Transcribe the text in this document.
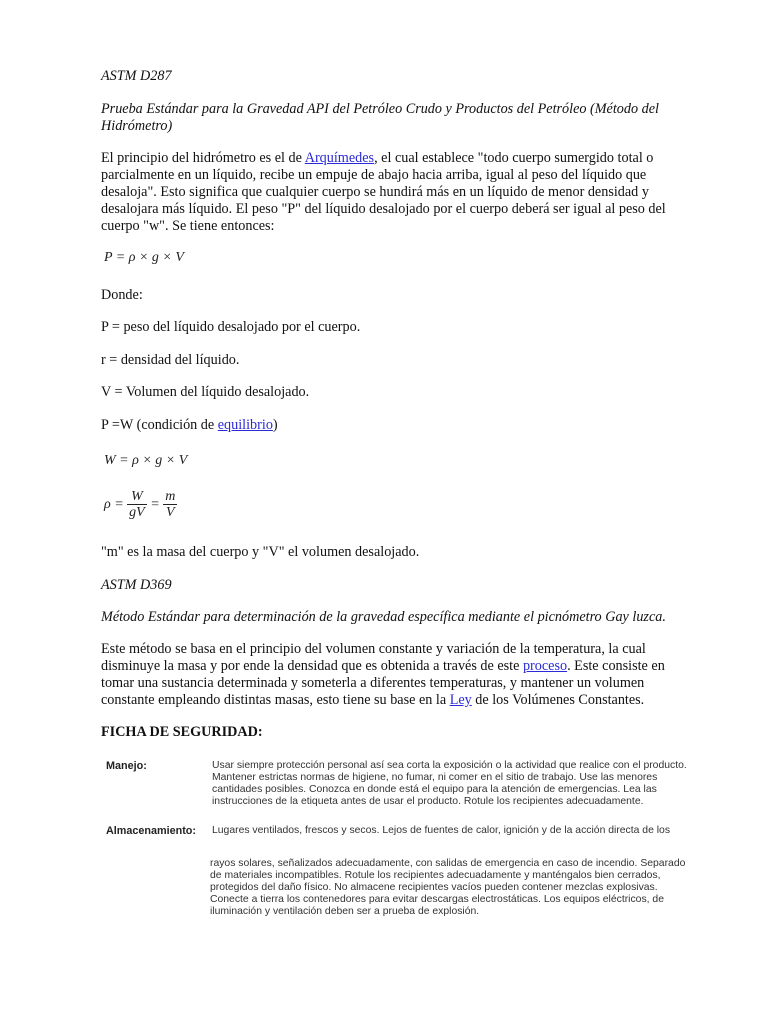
ASTM D287
Prueba Estándar para la Gravedad API del Petróleo Crudo y Productos del Petróleo (Método del Hidrómetro)
El principio del hidrómetro es el de Arquímedes, el cual establece "todo cuerpo sumergido total o parcialmente en un líquido, recibe un empuje de abajo hacia arriba, igual al peso del líquido que desaloja". Esto significa que cualquier cuerpo se hundirá más en un líquido de menor densidad y desalojara más líquido. El peso "P" del líquido desalojado por el cuerpo deberá ser igual al peso del cuerpo "w". Se tiene entonces:
P = ρ × g × V
Donde:
P = peso del líquido desalojado por el cuerpo.
r = densidad del líquido.
V = Volumen del líquido desalojado.
P =W (condición de equilibrio)
W = ρ × g × V
$\rho = \frac{W}{gV} = \frac{m}{V}$
"m" es la masa del cuerpo y "V" el volumen desalojado.
ASTM D369
Método Estándar para determinación de la gravedad específica mediante el picnómetro Gay luzca.
Este método se basa en el principio del volumen constante y variación de la temperatura, la cual disminuye la masa y por ende la densidad que es obtenida a través de este proceso. Este consiste en tomar una sustancia determinada y someterla a diferentes temperaturas, y mantener un volumen constante empleando distintas masas, esto tiene su base en la Ley de los Volúmenes Constantes.
FICHA DE SEGURIDAD:
Manejo:	Usar siempre protección personal así sea corta la exposición o la actividad que realice con el producto. Mantener estrictas normas de higiene, no fumar, ni comer en el sitio de trabajo. Use las menores cantidades posibles. Conozca en donde está el equipo para la atención de emergencias. Lea las instrucciones de la etiqueta antes de usar el producto. Rotule los recipientes adecuadamente.
Almacenamiento: Lugares ventilados, frescos y secos. Lejos de fuentes de calor, ignición y de la acción directa de los
rayos solares, señalizados adecuadamente, con salidas de emergencia en caso de incendio. Separado de materiales incompatibles. Rotule los recipientes adecuadamente y manténgalos bien cerrados, protegidos del daño físico. No almacene recipientes vacíos pueden contener mezclas explosivas. Conecte a tierra los contenedores para evitar descargas electrostáticas. Los equipos eléctricos, de iluminación y ventilación deben ser a prueba de explosión.
